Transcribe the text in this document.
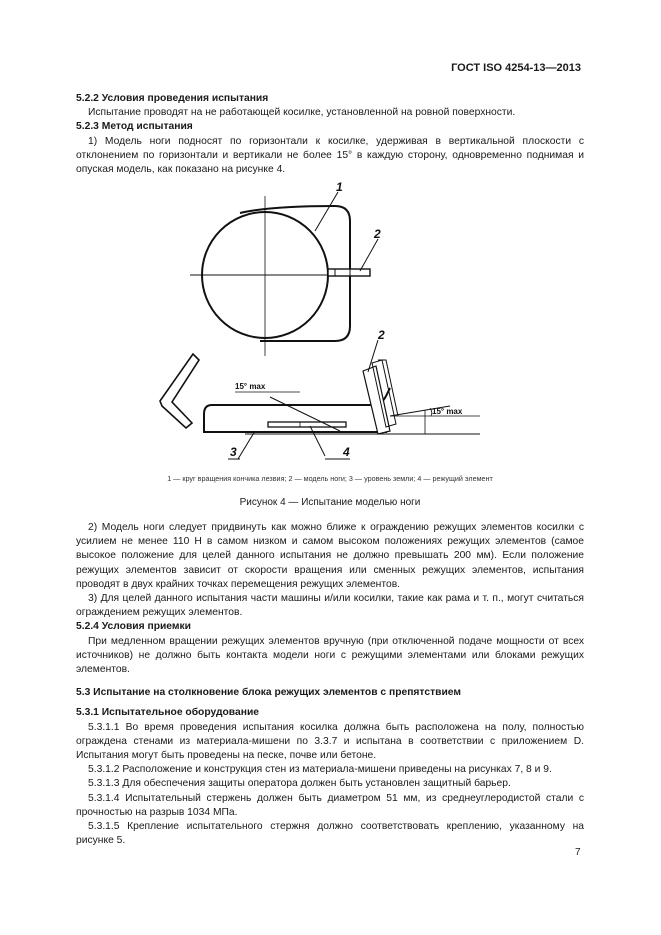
ГОСТ ISO 4254-13—2013

5.2.2 Условия проведения испытания

Испытание проводят на не работающей косилке, установленной на ровной поверхности.

5.2.3 Метод испытания

1) Модель ноги подносят по горизонтали к косилке, удерживая в вертикальной плоскости с отклонением по горизонтали и вертикали не более 15° в каждую сторону, одновременно поднимая и опуская модель, как показано на рисунке 4.

1
2
15° max
15° max
2
3	4
1 — круг вращения кончика лезвия; 2 — модель ноги; 3 — уровень земли; 4 — режущий элемент
Рисунок 4 — Испытание моделью ноги

2) Модель ноги следует придвинуть как можно ближе к ограждению режущих элементов косилки с усилием не менее 110 Н в самом низком и самом высоком положениях режущих элементов (самое высокое положение для целей данного испытания не должно превышать 200 мм). Если положение режущих элементов зависит от скорости вращения или сменных режущих элементов, испытания проводят в двух крайних точках перемещения режущих элементов.

3) Для целей данного испытания части машины и/или косилки, такие как рама и т. п., могут считаться ограждением режущих элементов.

5.2.4 Условия приемки

При медленном вращении режущих элементов вручную (при отключенной подаче мощности от всех источников) не должно быть контакта модели ноги с режущими элементами или блоками режущих элементов.

5.3 Испытание на столкновение блока режущих элементов с препятствием

5.3.1 Испытательное оборудование

5.3.1.1 Во время проведения испытания косилка должна быть расположена на полу, полностью ограждена стенами из материала-мишени по 3.3.7 и испытана в соответствии с приложением D. Испытания могут быть проведены на песке, почве или бетоне.

5.3.1.2 Расположение и конструкция стен из материала-мишени приведены на рисунках 7, 8 и 9.

5.3.1.3 Для обеспечения защиты оператора должен быть установлен защитный барьер.

5.3.1.4 Испытательный стержень должен быть диаметром 51 мм, из среднеуглеродистой стали с прочностью на разрыв 1034 МПа.

5.3.1.5 Крепление испытательного стержня должно соответствовать креплению, указанному на рисунке 5.

7
